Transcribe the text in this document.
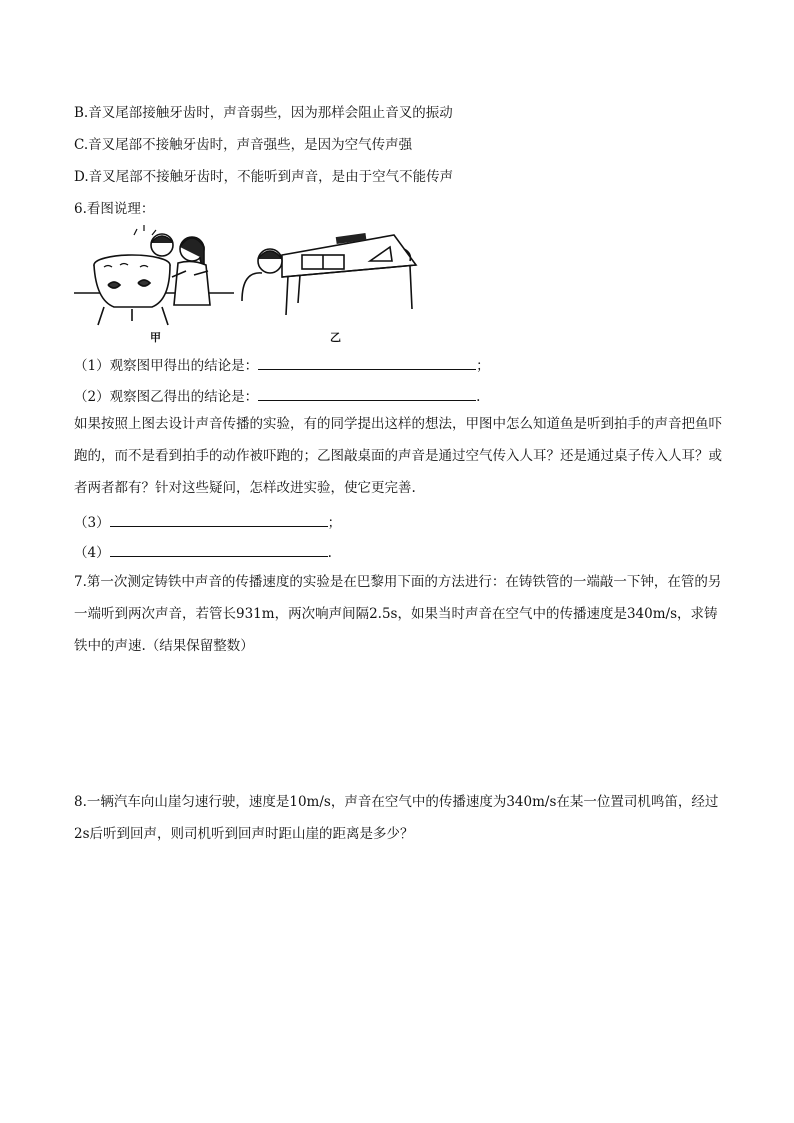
B.音叉尾部接触牙齿时，声音弱些，因为那样会阻止音叉的振动
C.音叉尾部不接触牙齿时，声音强些，是因为空气传声强
D.音叉尾部不接触牙齿时，不能听到声音，是由于空气不能传声
6.看图说理：
甲	乙
（1）观察图甲得出的结论是：	；
（2）观察图乙得出的结论是：	.
如果按照上图去设计声音传播的实验，有的同学提出这样的想法，甲图中怎么知道鱼是听到拍手的声音把鱼吓跑的，而不是看到拍手的动作被吓跑的；乙图敲桌面的声音是通过空气传入人耳？还是通过桌子传入人耳？或者两者都有？针对这些疑问，怎样改进实验，使它更完善.
（3）	；
（4）	.
7.第一次测定铸铁中声音的传播速度的实验是在巴黎用下面的方法进行：在铸铁管的一端敲一下钟，在管的另一端听到两次声音，若管长931m，两次响声间隔2.5s，如果当时声音在空气中的传播速度是340m/s，求铸铁中的声速.（结果保留整数）
8.一辆汽车向山崖匀速行驶，速度是10m/s，声音在空气中的传播速度为340m/s在某一位置司机鸣笛，经过2s后听到回声，则司机听到回声时距山崖的距离是多少？
